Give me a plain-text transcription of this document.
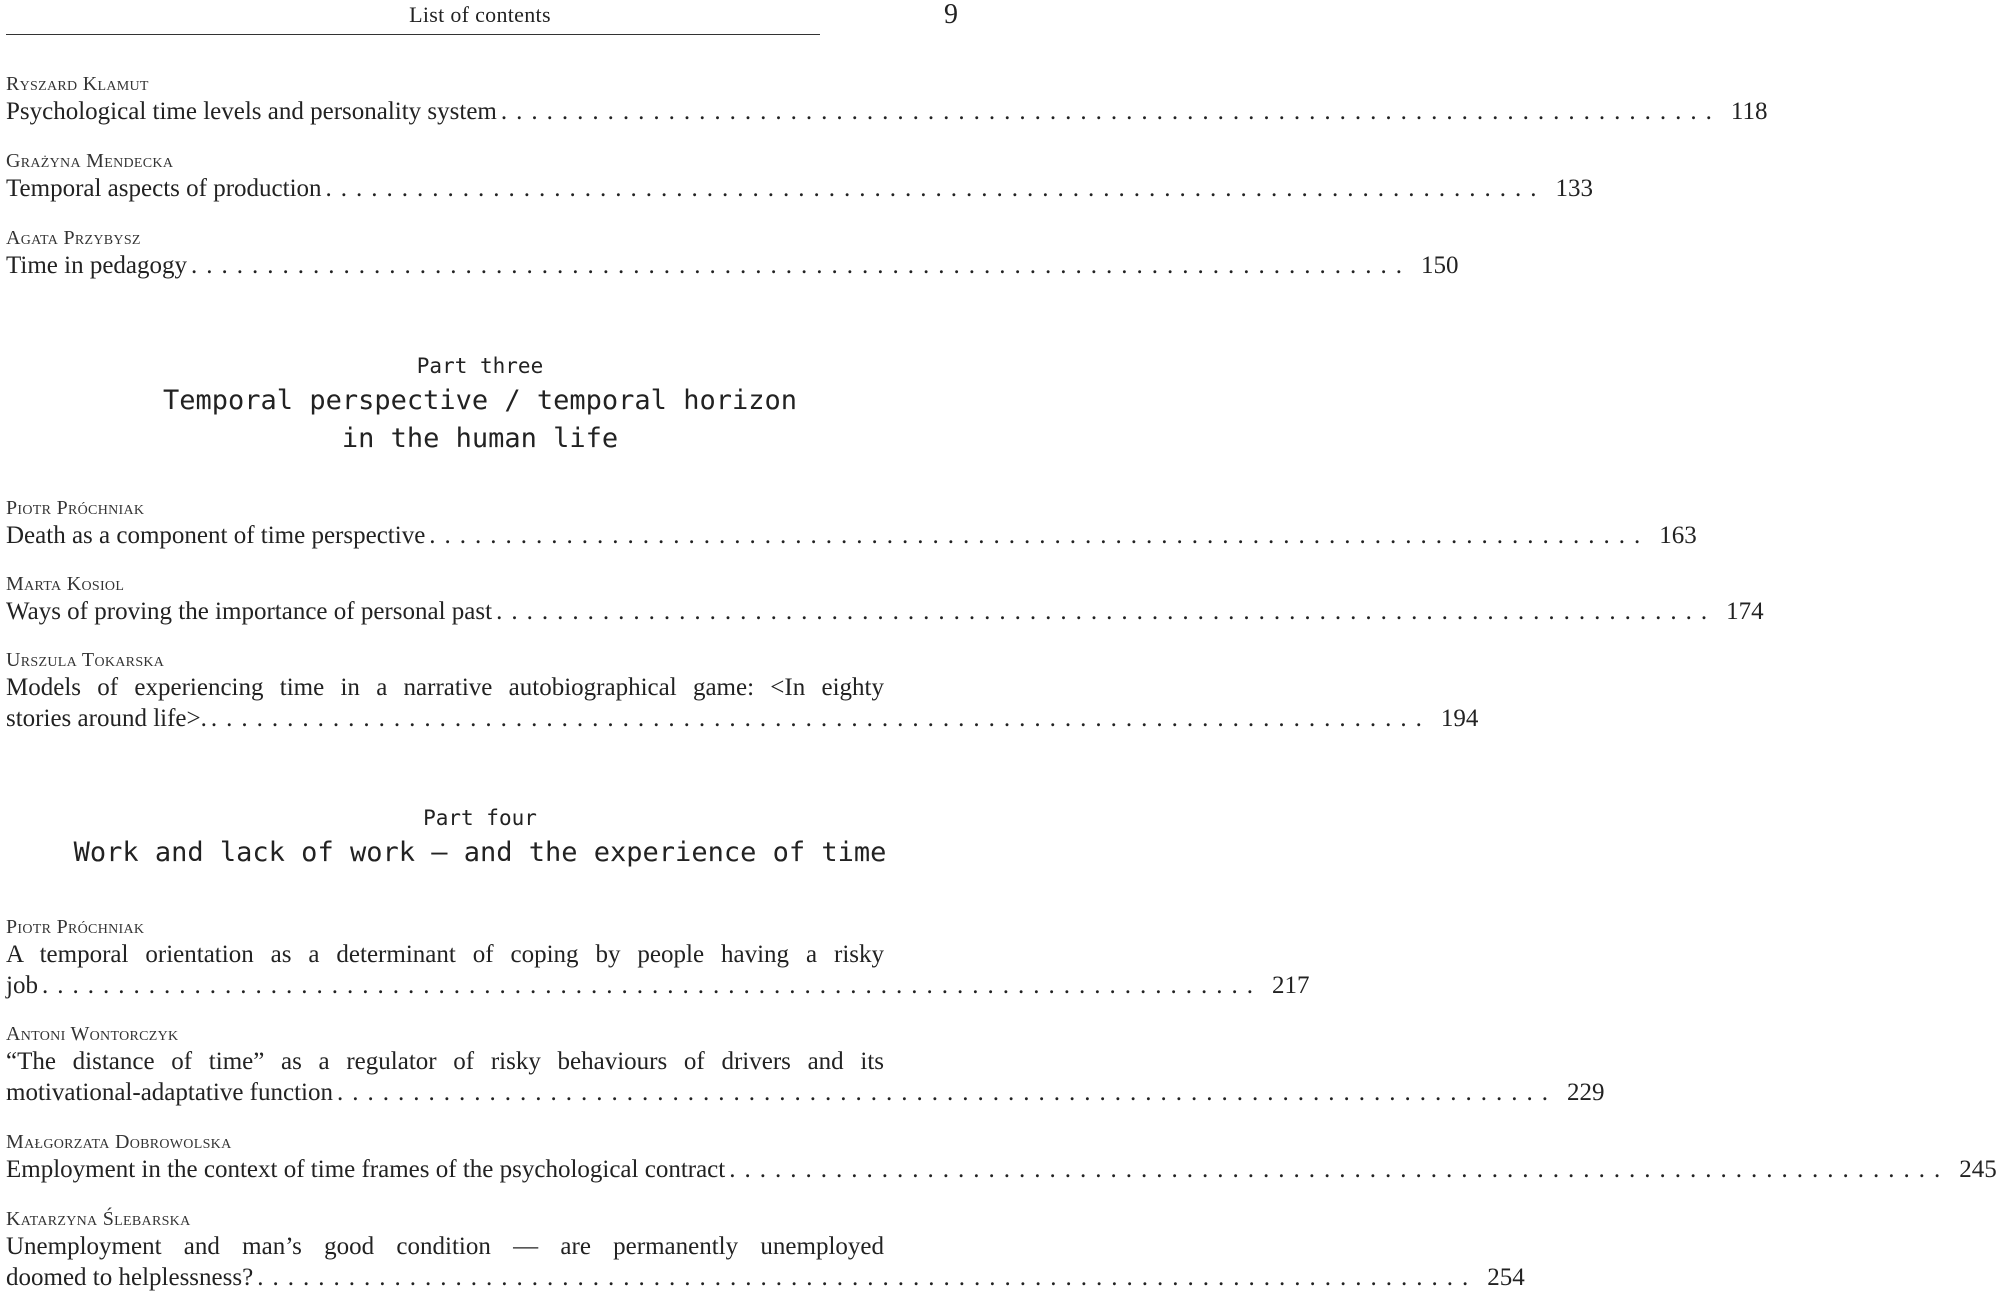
List of contents	9
Ryszard Klamut
Psychological time levels and personality system ................................................................................ 118
Grażyna Mendecka
Temporal aspects of production ................................................................................ 133
Agata Przybysz
Time in pedagogy ................................................................................ 150
Part three
Temporal perspective / temporal horizon
in the human life
Piotr Próchniak
Death as a component of time perspective ................................................................................ 163
Marta Kosiol
Ways of proving the importance of personal past ................................................................................ 174
Urszula Tokarska
Models of experiencing time in a narrative autobiographical game: <In eighty
stories around life>. ................................................................................ 194
Part four
Work and lack of work — and the experience of time
Piotr Próchniak
A temporal orientation as a determinant of coping by people having a risky
job ................................................................................ 217
Antoni Wontorczyk
“The distance of time” as a regulator of risky behaviours of drivers and its
motivational-adaptative function ................................................................................ 229
Małgorzata Dobrowolska
Employment in the context of time frames of the psychological contract ................................................................................ 245
Katarzyna Ślebarska
Unemployment and man’s good condition — are permanently unemployed
doomed to helplessness? ................................................................................ 254
